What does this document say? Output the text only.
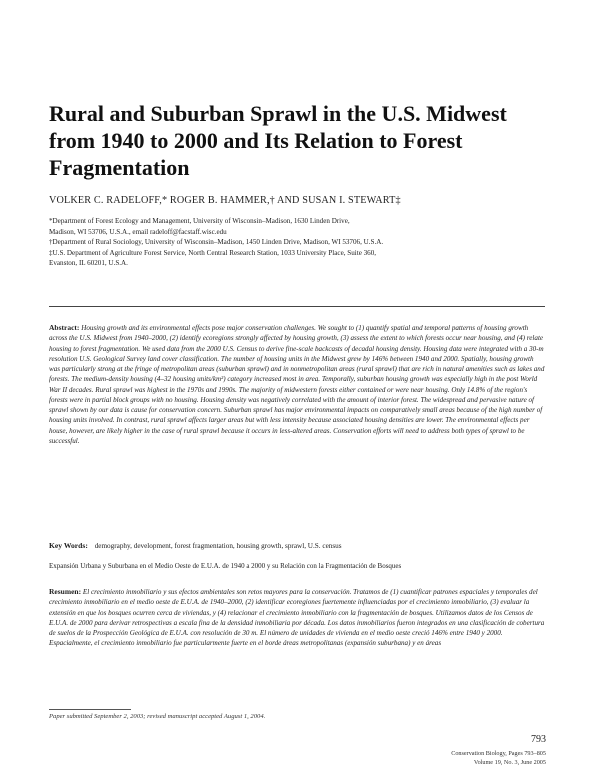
Rural and Suburban Sprawl in the U.S. Midwest
from 1940 to 2000 and Its Relation to Forest
Fragmentation
VOLKER C. RADELOFF,* ROGER B. HAMMER,† AND SUSAN I. STEWART‡
*Department of Forest Ecology and Management, University of Wisconsin–Madison, 1630 Linden Drive,
Madison, WI 53706, U.S.A., email radeloff@facstaff.wisc.edu
†Department of Rural Sociology, University of Wisconsin–Madison, 1450 Linden Drive, Madison, WI 53706, U.S.A.
‡U.S. Department of Agriculture Forest Service, North Central Research Station, 1033 University Place, Suite 360,
Evanston, IL 60201, U.S.A.

Abstract: Housing growth and its environmental effects pose major conservation challenges. We sought to (1) quantify spatial and temporal patterns of housing growth across the U.S. Midwest from 1940–2000, (2) identify ecoregions strongly affected by housing growth, (3) assess the extent to which forests occur near housing, and (4) relate housing to forest fragmentation. We used data from the 2000 U.S. Census to derive fine-scale backcasts of decadal housing density. Housing data were integrated with a 30-m resolution U.S. Geological Survey land cover classification. The number of housing units in the Midwest grew by 146% between 1940 and 2000. Spatially, housing growth was particularly strong at the fringe of metropolitan areas (suburban sprawl) and in nonmetropolitan areas (rural sprawl) that are rich in natural amenities such as lakes and forests. The medium-density housing (4–32 housing units/km²) category increased most in area. Temporally, suburban housing growth was especially high in the post World War II decades. Rural sprawl was highest in the 1970s and 1990s. The majority of midwestern forests either contained or were near housing. Only 14.8% of the region's forests were in partial block groups with no housing. Housing density was negatively correlated with the amount of interior forest. The widespread and pervasive nature of sprawl shown by our data is cause for conservation concern. Suburban sprawl has major environmental impacts on comparatively small areas because of the high number of housing units involved. In contrast, rural sprawl affects larger areas but with less intensity because associated housing densities are lower. The environmental effects per house, however, are likely higher in the case of rural sprawl because it occurs in less-altered areas. Conservation efforts will need to address both types of sprawl to be successful.

Key Words: demography, development, forest fragmentation, housing growth, sprawl, U.S. census
Expansión Urbana y Suburbana en el Medio Oeste de E.U.A. de 1940 a 2000 y su Relación con la Fragmentación de Bosques

Resumen: El crecimiento inmobiliario y sus efectos ambientales son retos mayores para la conservación. Tratamos de (1) cuantificar patrones espaciales y temporales del crecimiento inmobiliario en el medio oeste de E.U.A. de 1940–2000, (2) identificar ecoregiones fuertemente influenciadas por el crecimiento inmobiliario, (3) evaluar la extensión en que los bosques ocurren cerca de viviendas, y (4) relacionar el crecimiento inmobiliario con la fragmentación de bosques. Utilizamos datos de los Censos de E.U.A. de 2000 para derivar retrospectivas a escala fina de la densidad inmobiliaria por década. Los datos inmobiliarios fueron integrados en una clasificación de cobertura de suelos de la Prospección Geológica de E.U.A. con resolución de 30 m. El número de unidades de vivienda en el medio oeste creció 146% entre 1940 y 2000. Espacialmente, el crecimiento inmobiliario fue particularmente fuerte en el borde áreas metropolitanas (expansión suburbana) y en áreas

Paper submitted September 2, 2003; revised manuscript accepted August 1, 2004.
793
Conservation Biology, Pages 793–805
Volume 19, No. 3, June 2005
